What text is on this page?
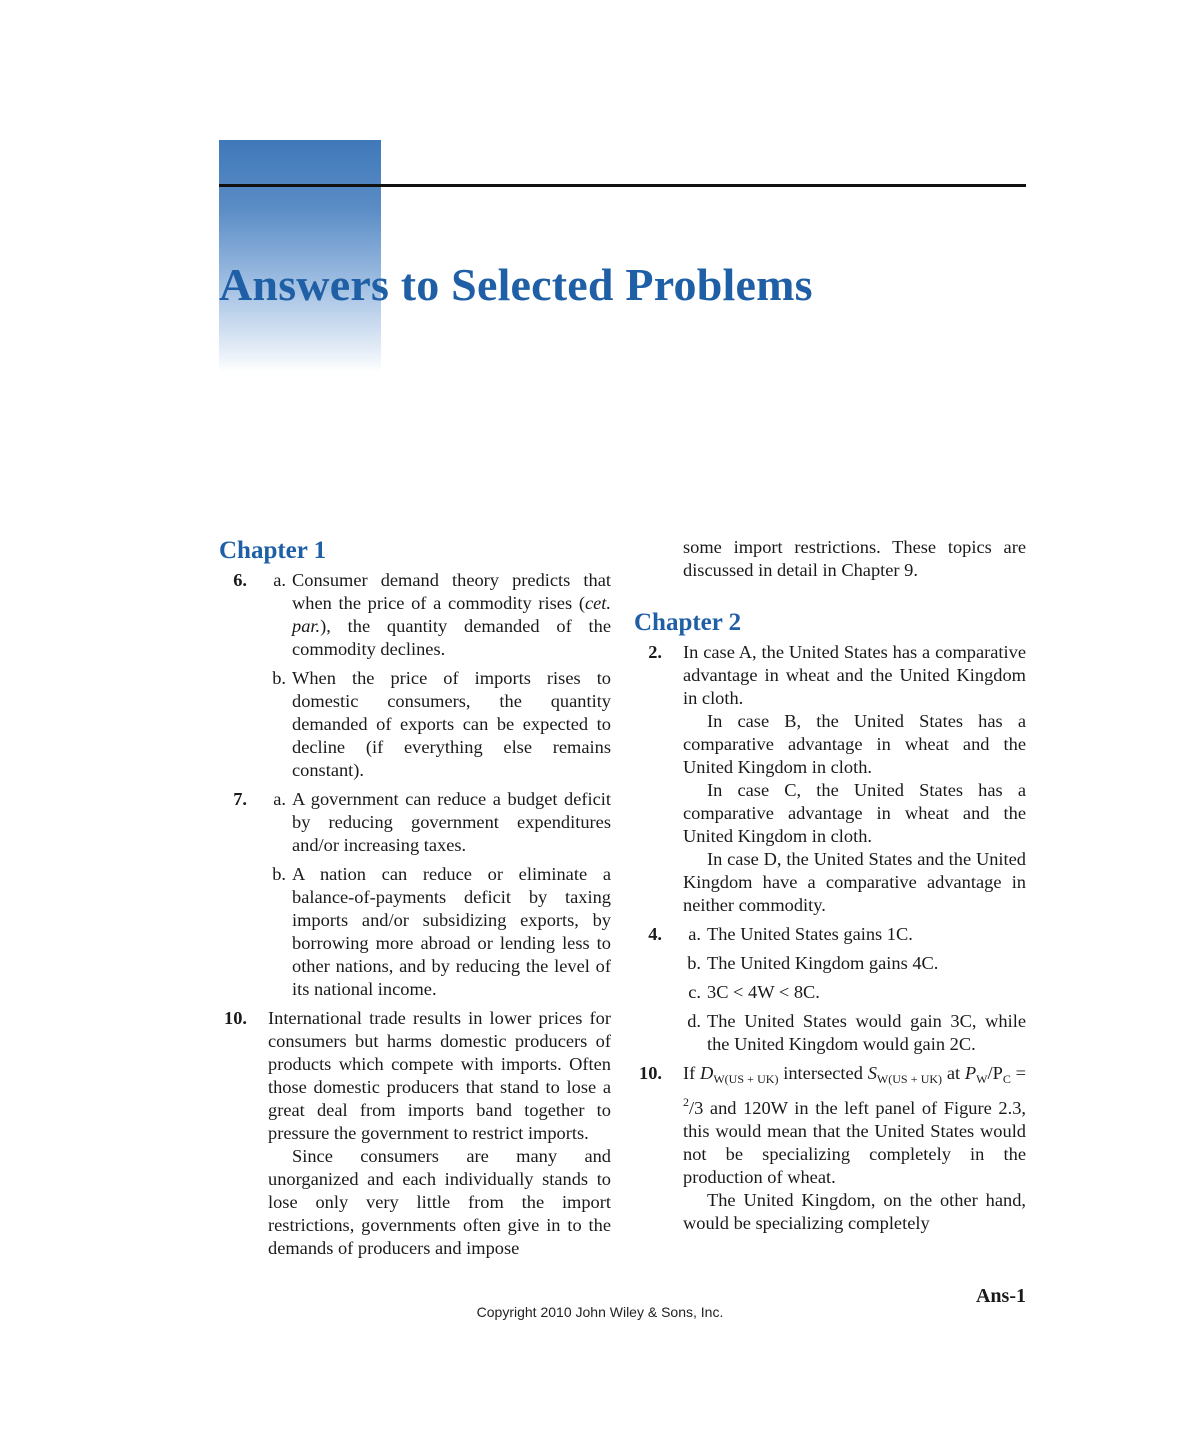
Answers to Selected Problems
Chapter 1
6. a. Consumer demand theory predicts that when the price of a commodity rises (cet. par.), the quantity demanded of the commodity declines.

b. When the price of imports rises to domestic consumers, the quantity demanded of exports can be expected to decline (if everything else remains constant).

7. a. A government can reduce a budget deficit by reducing government expenditures and/or increasing taxes.

b. A nation can reduce or eliminate a balance-of-payments deficit by taxing imports and/or subsidizing exports, by borrowing more abroad or lending less to other nations, and by reducing the level of its national income.

10. International trade results in lower prices for consumers but harms domestic producers of products which compete with imports. Often those domestic producers that stand to lose a great deal from imports band together to pressure the government to restrict imports.

Since consumers are many and unorganized and each individually stands to lose only very little from the import restrictions, governments often give in to the demands of producers and impose

some import restrictions. These topics are discussed in detail in Chapter 9.

Chapter 2
2. In case A, the United States has a comparative advantage in wheat and the United Kingdom in cloth.

In case B, the United States has a comparative advantage in wheat and the United Kingdom in cloth.

In case C, the United States has a comparative advantage in wheat and the United Kingdom in cloth.

In case D, the United States and the United Kingdom have a comparative advantage in neither commodity.

4. a. The United States gains 1C.

b. The United Kingdom gains 4C.

c. 3C < 4W < 8C.

d. The United States would gain 3C, while the United Kingdom would gain 2C.

10. If $D_{W(US + UK)}$ intersected $S_{W(US + UK)}$ at $P_W/P_C = ^2/3$ and 120W in the left panel of Figure 2.3, this would mean that the United States would not be specializing completely in the production of wheat.

The United Kingdom, on the other hand, would be specializing completely

Ans-1
Copyright 2010 John Wiley & Sons, Inc.
